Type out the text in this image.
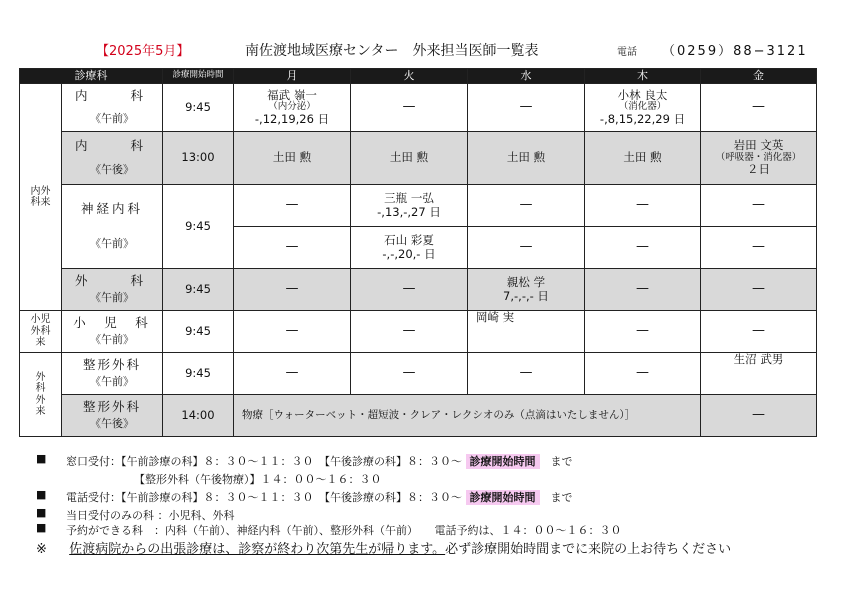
【2025年5月】	南佐渡地域医療センター　外来担当医師一覧表	電話 （0259）88−3121
診療科		診療開始時間	月	火	水	木	金
内外科来	内　　科
《午前》	9:45	福武 嶺一
（内分泌）
-,12,19,26 日	—	—	小林 良太
（消化器）
-,8,15,22,29 日	—

	内　　科
《午後》	13:00	土田 勲	土田 勲	土田 勲	土田 勲	岩田 文英
（呼吸器・消化器）
２日

	神経内科
《午前》	9:45	—	三瓶 一弘
-,13,-,27 日	—	—	—
			—	石山 彩夏
-,-,20,- 日	—	—	—

	外　　科
《午前》	9:45	—	—	親松 学
7,-,-,- 日	—	—
小児外科来	小　児　科
《午前》	9:45	—	—	岡崎 実	—	—
外科外来	整形外科
《午前》	9:45	—	—	—	—	生沼 武男

	整形外科
《午後》	14:00	物療［ウォーターベット・超短波・クレア・レクシオのみ（点滴はいたしません）］				—
■ 窓口受付：【午前診療の科】８：３０〜１１：３０　【午後診療の科】８：３０〜 診療開始時間　 まで
【整形外科（午後物療）】１４：００〜１６：３０
■ 電話受付：【午前診療の科】８：３０〜１１：３０　【午後診療の科】８：３０〜 診療開始時間　 まで
■ 当日受付のみの科 ：小児科、外科
■ 予約ができる科　：内科（午前）、神経内科（午前）、整形外科（午前）　　電話予約は、１４：００〜１６：３０
※ 佐渡病院からの出張診療は、診察が終わり次第先生が帰ります。必ず診療開始時間までに来院の上お待ちください
